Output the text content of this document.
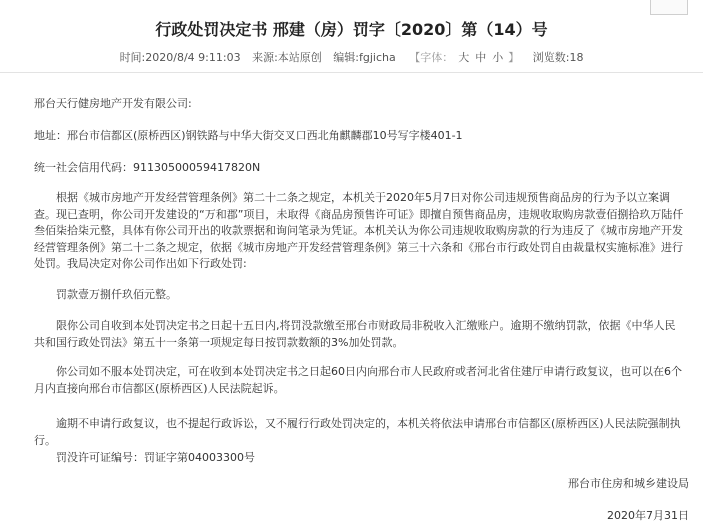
行政处罚决定书 邢建（房）罚字〔2020〕第（14）号
时间:2020/8/4 9:11:03 来源:本站原创 编辑:fgjicha 【字体： 大 中 小 】 浏览数:18

邢台天行健房地产开发有限公司:

地址：邢台市信都区(原桥西区)钢铁路与中华大街交叉口西北角麒麟郡10号写字楼401-1

统一社会信用代码：91130500059417820N

根据《城市房地产开发经营管理条例》第二十二条之规定，本机关于2020年5月7日对你公司违规预售商品房的行为予以立案调查。现已查明，你公司开发建设的“万和郡”项目，未取得《商品房预售许可证》即擅自预售商品房，违规收取购房款壹佰捌拾玖万陆仟叁佰柒拾柒元整，具体有你公司开出的收款票据和询问笔录为凭证。本机关认为你公司违规收取购房款的行为违反了《城市房地产开发经营管理条例》第二十二条之规定，依据《城市房地产开发经营管理条例》第三十六条和《邢台市行政处罚自由裁量权实施标准》进行处罚。我局决定对你公司作出如下行政处罚:

罚款壹万捌仟玖佰元整。

限你公司自收到本处罚决定书之日起十五日内,将罚没款缴至邢台市财政局非税收入汇缴账户。逾期不缴纳罚款，依据《中华人民共和国行政处罚法》第五十一条第一项规定每日按罚款数额的3%加处罚款。

你公司如不服本处罚决定，可在收到本处罚决定书之日起60日内向邢台市人民政府或者河北省住建厅申请行政复议，也可以在6个月内直接向邢台市信都区(原桥西区)人民法院起诉。

逾期不申请行政复议，也不提起行政诉讼，又不履行行政处罚决定的，本机关将依法申请邢台市信都区(原桥西区)人民法院强制执行。

罚没许可证编号：罚证字第04003300号

邢台市住房和城乡建设局
2020年7月31日
